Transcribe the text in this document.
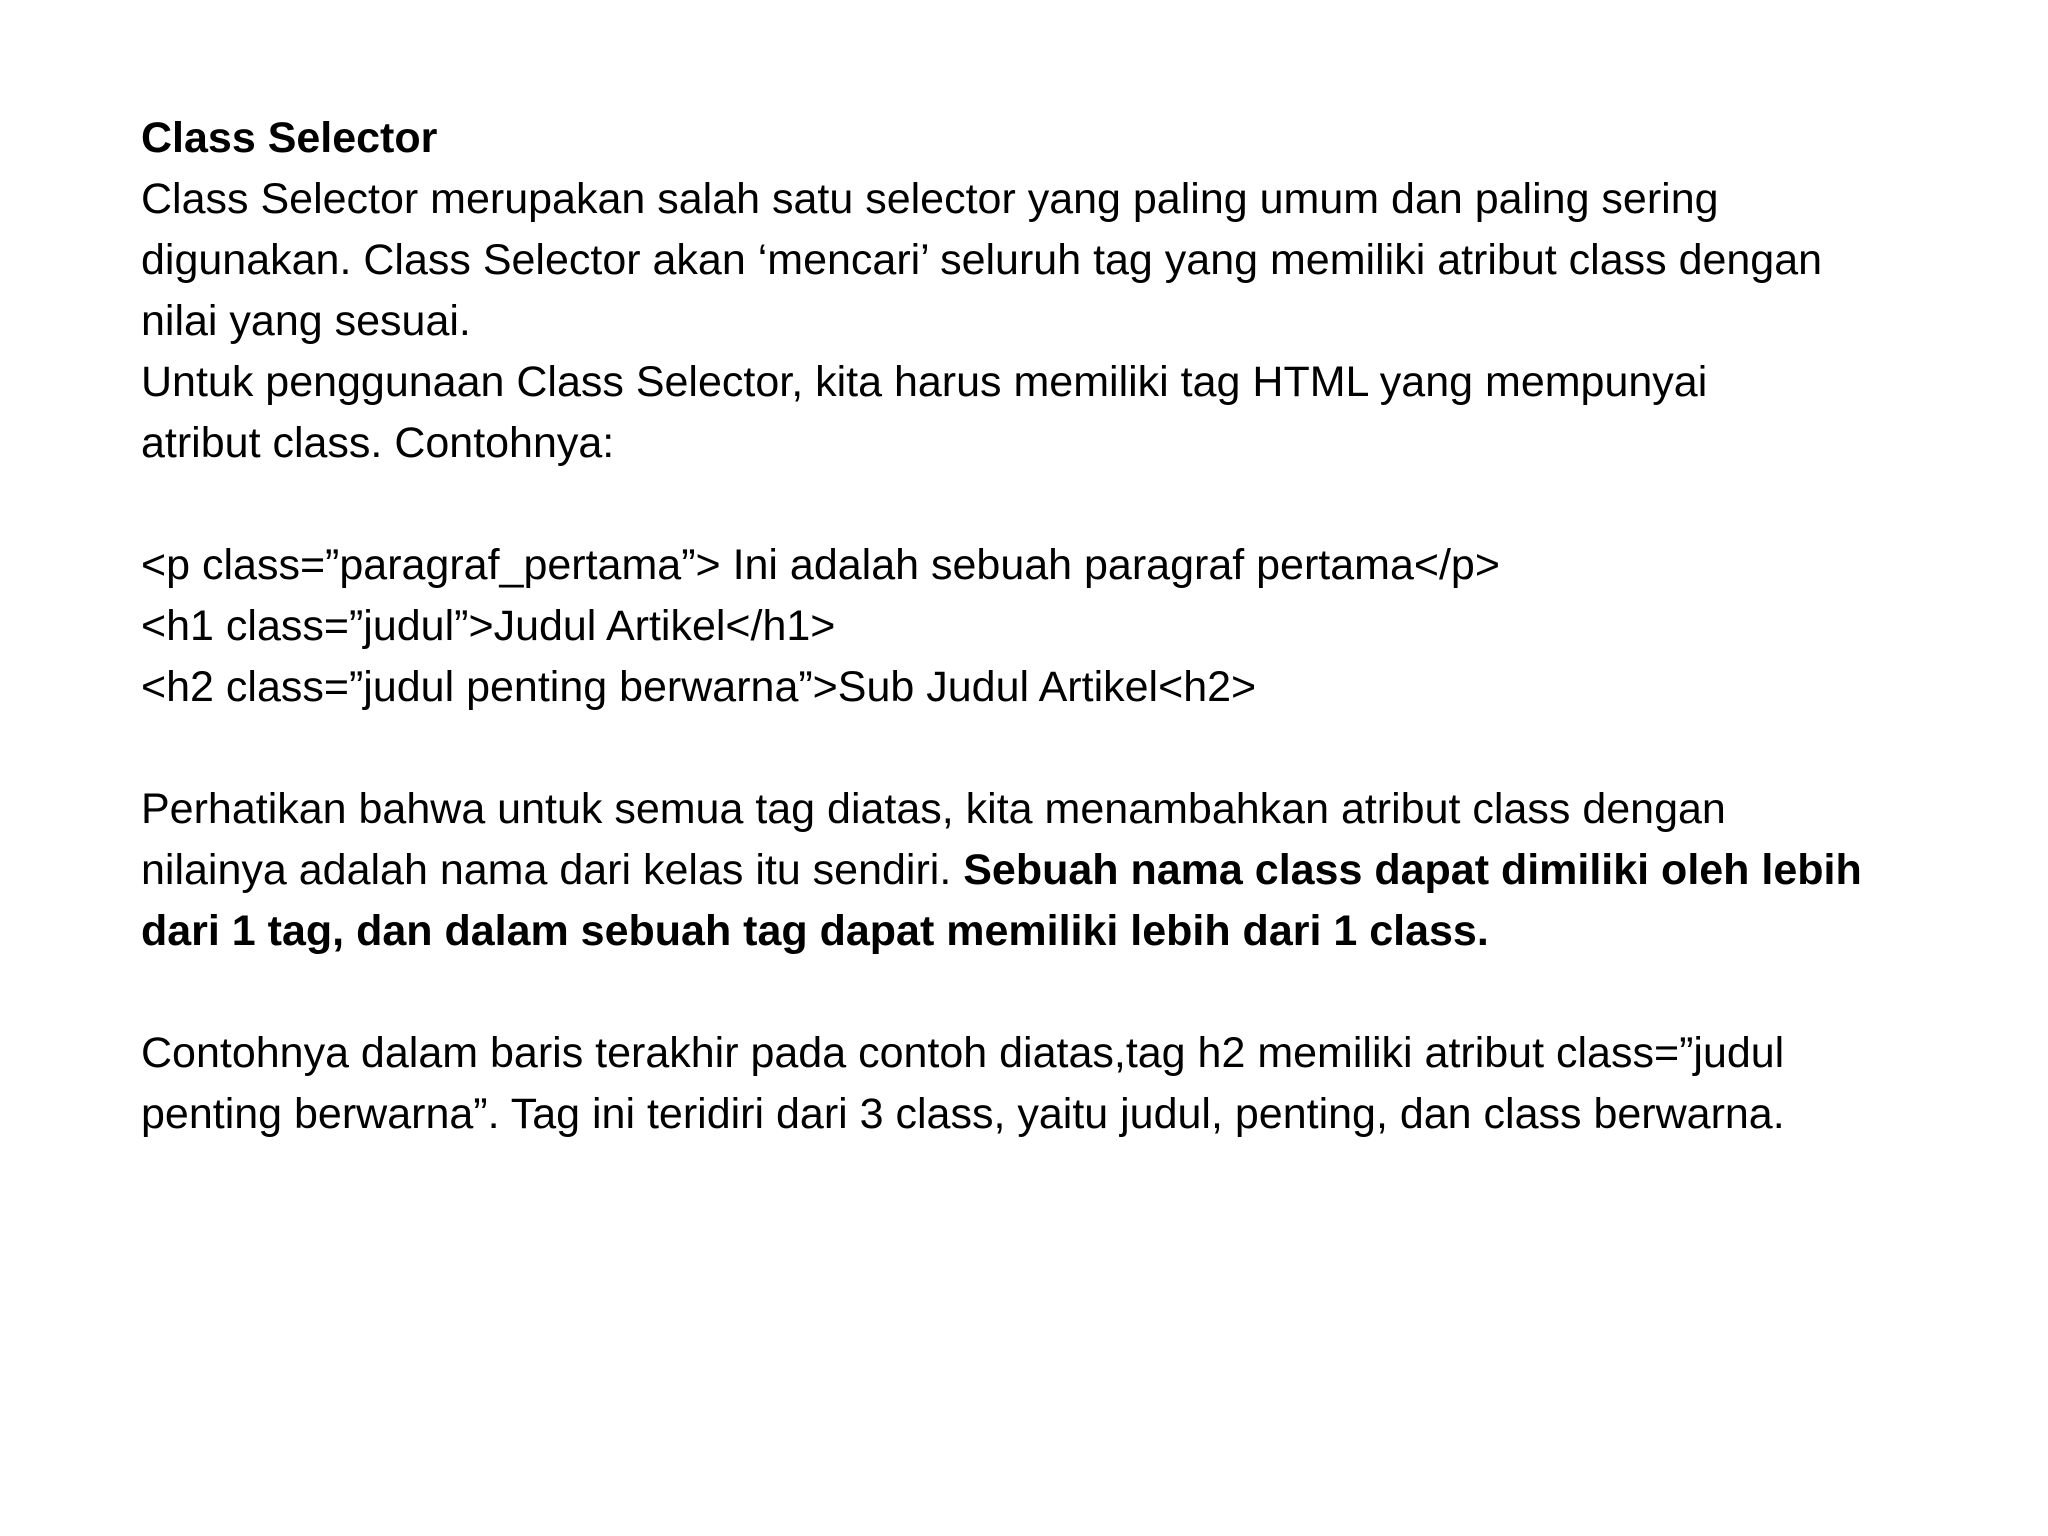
Class Selector
Class Selector merupakan salah satu selector yang paling umum dan paling sering
digunakan. Class Selector akan ‘mencari’ seluruh tag yang memiliki atribut class dengan
nilai yang sesuai.
Untuk penggunaan Class Selector, kita harus memiliki tag HTML yang mempunyai
atribut class. Contohnya:
<p class=”paragraf_pertama”> Ini adalah sebuah paragraf pertama</p>
<h1 class=”judul”>Judul Artikel</h1>
<h2 class=”judul penting berwarna”>Sub Judul Artikel<h2>
Perhatikan bahwa untuk semua tag diatas, kita menambahkan atribut class dengan
nilainya adalah nama dari kelas itu sendiri. Sebuah nama class dapat dimiliki oleh lebih
dari 1 tag, dan dalam sebuah tag dapat memiliki lebih dari 1 class.
Contohnya dalam baris terakhir pada contoh diatas,tag h2 memiliki atribut class=”judul
penting berwarna”. Tag ini teridiri dari 3 class, yaitu judul, penting, dan class berwarna.
